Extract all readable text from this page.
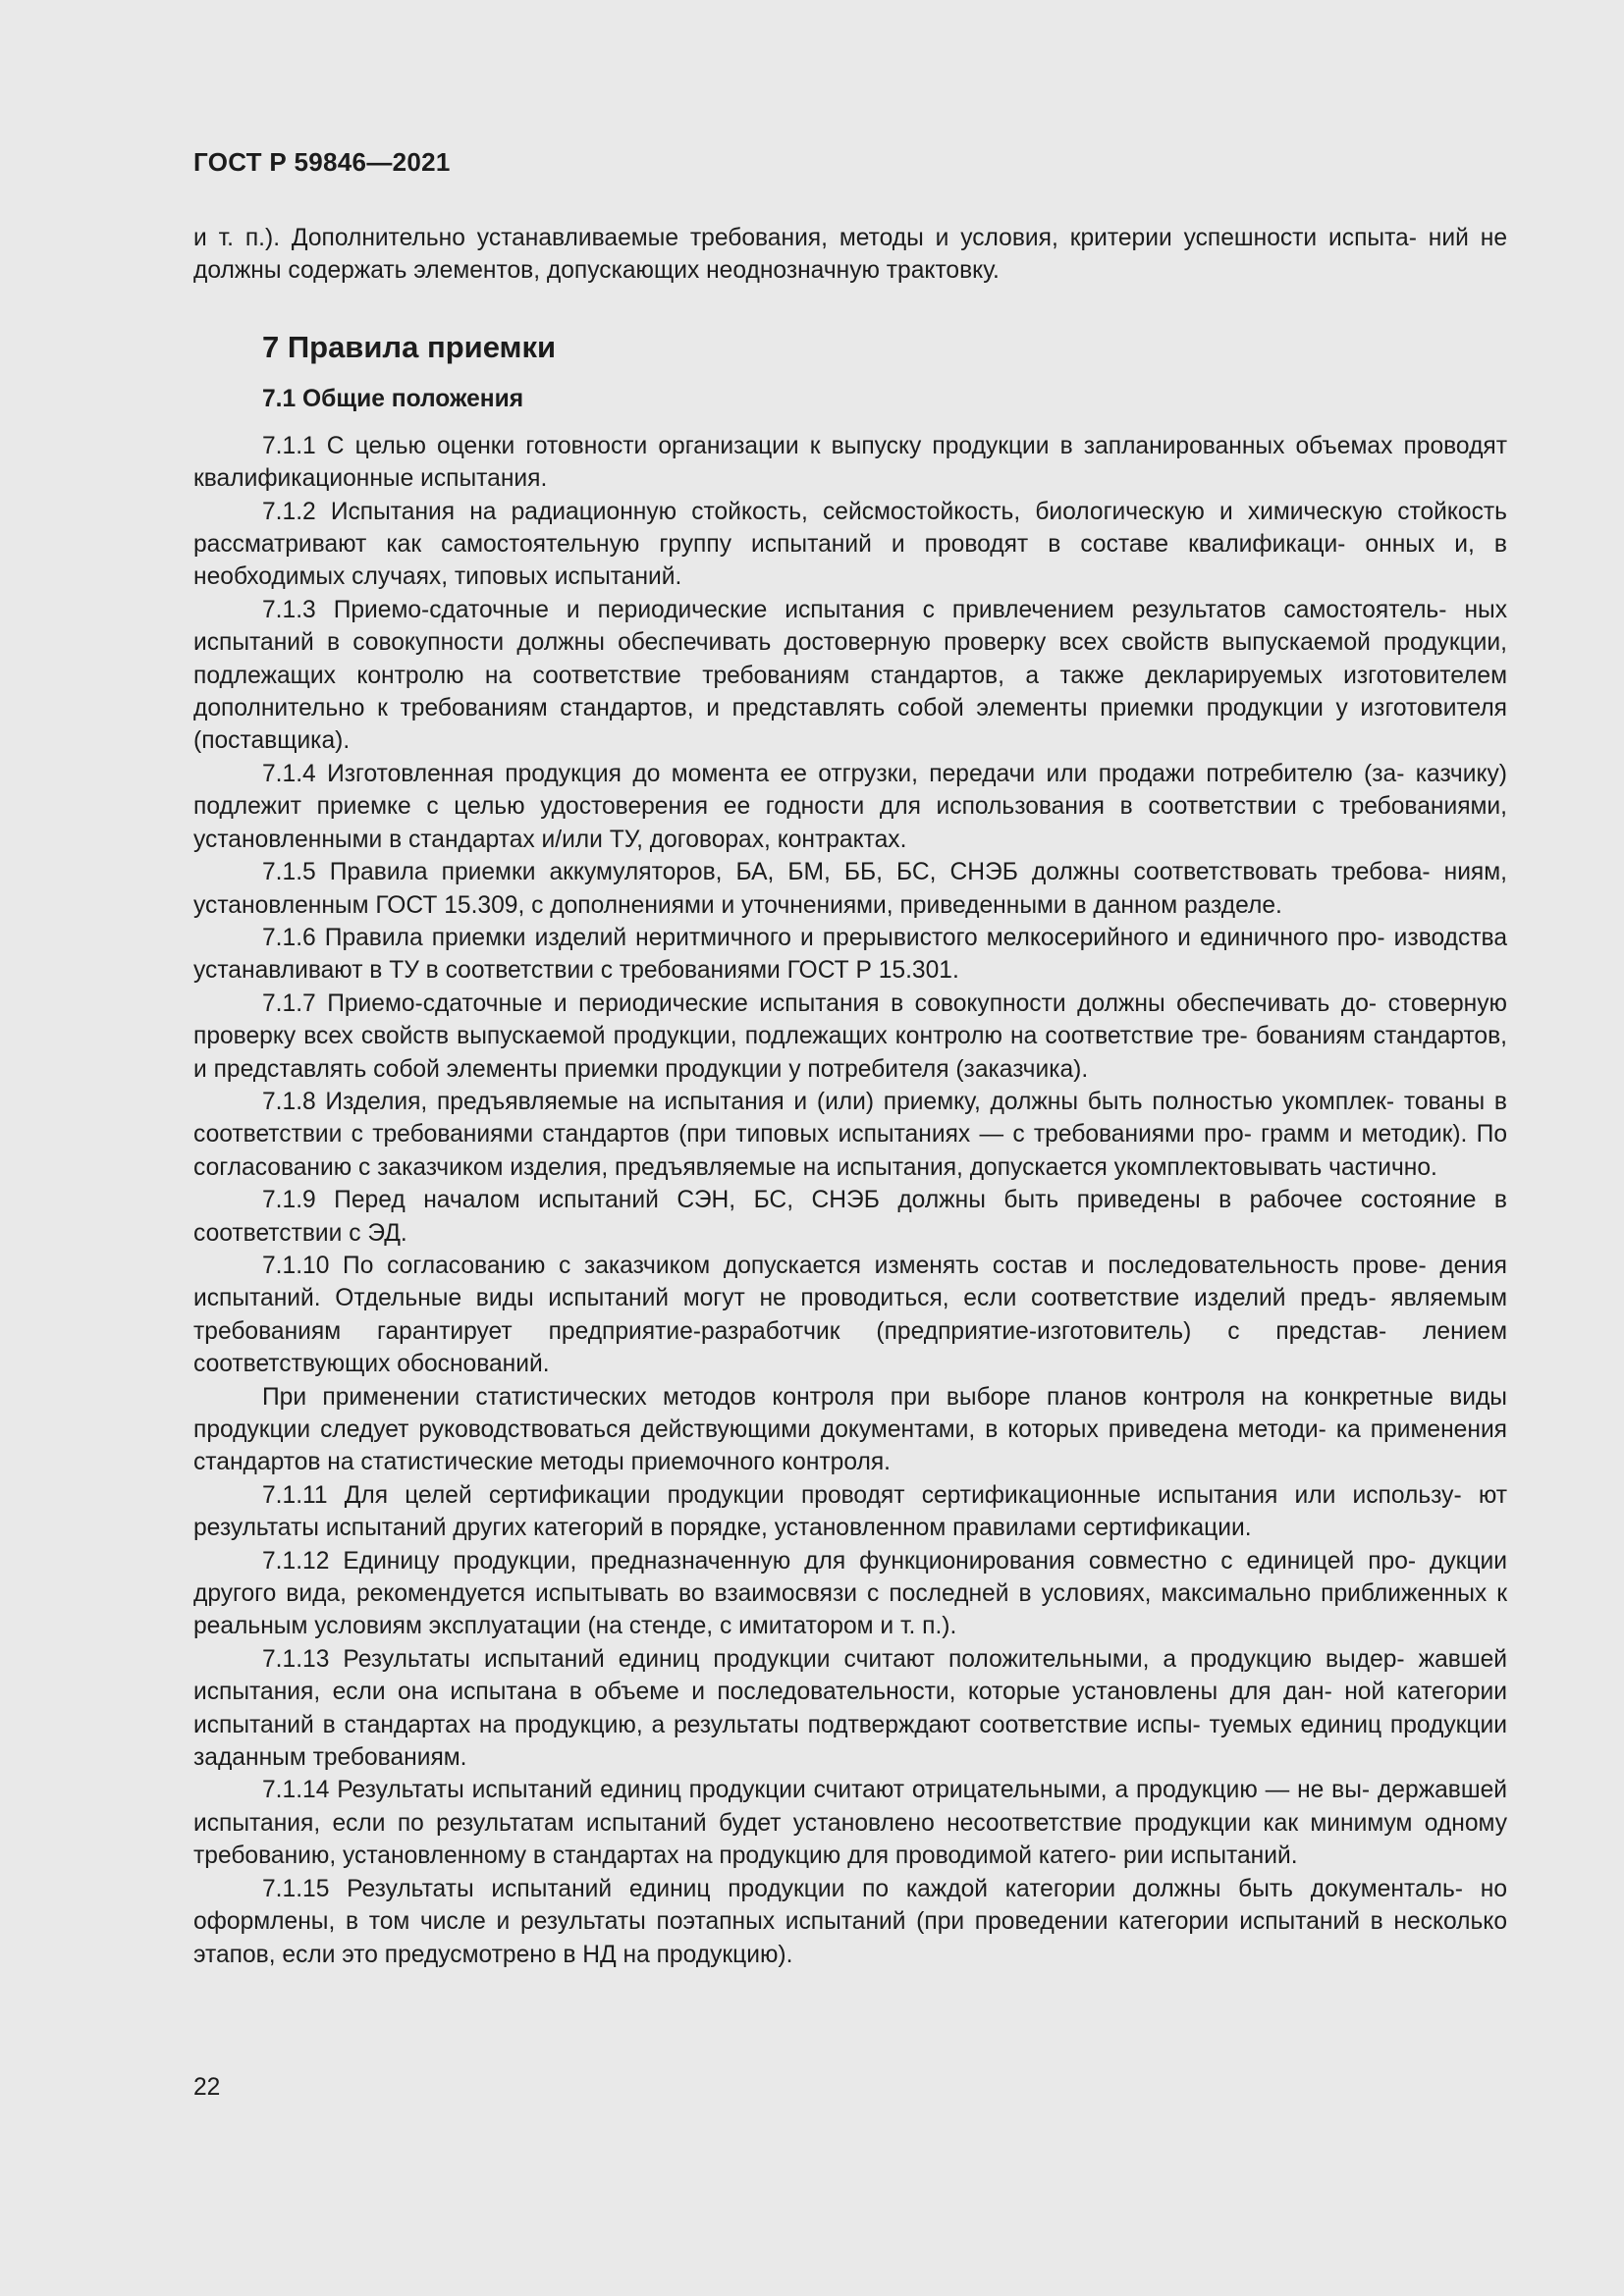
ГОСТ Р 59846—2021

и т. п.). Дополнительно устанавливаемые требования, методы и условия, критерии успешности испыта- ний не должны содержать элементов, допускающих неоднозначную трактовку.

7 Правила приемки
7.1 Общие положения

7.1.1 С целью оценки готовности организации к выпуску продукции в запланированных объемах проводят квалификационные испытания.

7.1.2 Испытания на радиационную стойкость, сейсмостойкость, биологическую и химическую стойкость рассматривают как самостоятельную группу испытаний и проводят в составе квалификаци- онных и, в необходимых случаях, типовых испытаний.

7.1.3 Приемо-сдаточные и периодические испытания с привлечением результатов самостоятель- ных испытаний в совокупности должны обеспечивать достоверную проверку всех свойств выпускаемой продукции, подлежащих контролю на соответствие требованиям стандартов, а также декларируемых изготовителем дополнительно к требованиям стандартов, и представлять собой элементы приемки продукции у изготовителя (поставщика).

7.1.4 Изготовленная продукция до момента ее отгрузки, передачи или продажи потребителю (за- казчику) подлежит приемке с целью удостоверения ее годности для использования в соответствии с требованиями, установленными в стандартах и/или ТУ, договорах, контрактах.

7.1.5 Правила приемки аккумуляторов, БА, БМ, ББ, БС, СНЭБ должны соответствовать требова- ниям, установленным ГОСТ 15.309, с дополнениями и уточнениями, приведенными в данном разделе.

7.1.6 Правила приемки изделий неритмичного и прерывистого мелкосерийного и единичного про- изводства устанавливают в ТУ в соответствии с требованиями ГОСТ Р 15.301.

7.1.7 Приемо-сдаточные и периодические испытания в совокупности должны обеспечивать до- стоверную проверку всех свойств выпускаемой продукции, подлежащих контролю на соответствие тре- бованиям стандартов, и представлять собой элементы приемки продукции у потребителя (заказчика).

7.1.8 Изделия, предъявляемые на испытания и (или) приемку, должны быть полностью укомплек- тованы в соответствии с требованиями стандартов (при типовых испытаниях — с требованиями про- грамм и методик). По согласованию с заказчиком изделия, предъявляемые на испытания, допускается укомплектовывать частично.

7.1.9 Перед началом испытаний СЭН, БС, СНЭБ должны быть приведены в рабочее состояние в соответствии с ЭД.

7.1.10 По согласованию с заказчиком допускается изменять состав и последовательность прове- дения испытаний. Отдельные виды испытаний могут не проводиться, если соответствие изделий предъ- являемым требованиям гарантирует предприятие-разработчик (предприятие-изготовитель) с представ- лением соответствующих обоснований.

При применении статистических методов контроля при выборе планов контроля на конкретные виды продукции следует руководствоваться действующими документами, в которых приведена методи- ка применения стандартов на статистические методы приемочного контроля.

7.1.11 Для целей сертификации продукции проводят сертификационные испытания или использу- ют результаты испытаний других категорий в порядке, установленном правилами сертификации.

7.1.12 Единицу продукции, предназначенную для функционирования совместно с единицей про- дукции другого вида, рекомендуется испытывать во взаимосвязи с последней в условиях, максимально приближенных к реальным условиям эксплуатации (на стенде, с имитатором и т. п.).

7.1.13 Результаты испытаний единиц продукции считают положительными, а продукцию выдер- жавшей испытания, если она испытана в объеме и последовательности, которые установлены для дан- ной категории испытаний в стандартах на продукцию, а результаты подтверждают соответствие испы- туемых единиц продукции заданным требованиям.

7.1.14 Результаты испытаний единиц продукции считают отрицательными, а продукцию — не вы- державшей испытания, если по результатам испытаний будет установлено несоответствие продукции как минимум одному требованию, установленному в стандартах на продукцию для проводимой катего- рии испытаний.

7.1.15 Результаты испытаний единиц продукции по каждой категории должны быть документаль- но оформлены, в том числе и результаты поэтапных испытаний (при проведении категории испытаний в несколько этапов, если это предусмотрено в НД на продукцию).

22
